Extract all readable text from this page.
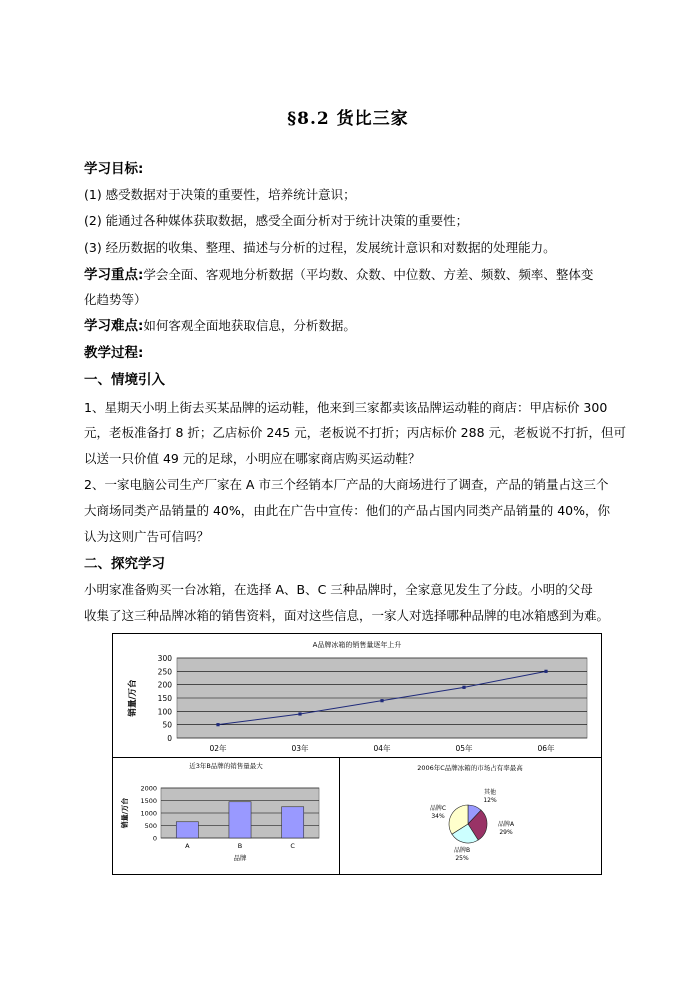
§8.2 货比三家
学习目标:
(1) 感受数据对于决策的重要性，培养统计意识；
(2) 能通过各种媒体获取数据，感受全面分析对于统计决策的重要性；
(3) 经历数据的收集、整理、描述与分析的过程，发展统计意识和对数据的处理能力。
学习重点:学会全面、客观地分析数据（平均数、众数、中位数、方差、频数、频率、整体变
化趋势等）
学习难点:如何客观全面地获取信息，分析数据。
教学过程:
一、情境引入
1、星期天小明上街去买某品牌的运动鞋，他来到三家都卖该品牌运动鞋的商店：甲店标价 300
元，老板准备打 8 折；乙店标价 245 元，老板说不打折；丙店标价 288 元，老板说不打折，但可
以送一只价值 49 元的足球，小明应在哪家商店购买运动鞋？
2、一家电脑公司生产厂家在 A 市三个经销本厂产品的大商场进行了调查，产品的销量占这三个
大商场同类产品销量的 40%，由此在广告中宣传：他们的产品占国内同类产品销量的 40%，你
认为这则广告可信吗？
二、探究学习
小明家准备购买一台冰箱，在选择 A、B、C 三种品牌时，全家意见发生了分歧。小明的父母
收集了这三种品牌冰箱的销售资料，面对这些信息，一家人对选择哪种品牌的电冰箱感到为难。
A品牌冰箱的销售量逐年上升
300
250
200
150
100
50
0
02年	03年	04年	05年	06年
销量/万台
近3年B品牌的销售量最大
2000
1500
1000
500
0
A	B	C
品牌
销量/万台
2006年C品牌冰箱的市场占有率最高
其他
12%
品牌A
29%
品牌B
25%
品牌C
34%
